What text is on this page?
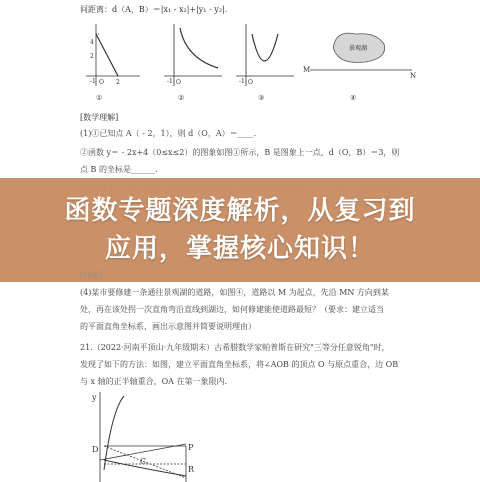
间距离：d（A，B）＝|x₁ - x₂|+|y₁ - y₂|.
4
2
-1 O 2	-1 O	-1 O
景观湖
M
N
①	②	③	④
[数学理解]
(1)①已知点 A（ - 2，1），则 d（O，A）＝____.
②函数 y＝ - 2x+4（0≤x≤2）的图象如图①所示，B 是图象上一点，d（O，B）＝3，则
点 B 的坐标是______.
函数专题深度解析，从复习到
应用，掌握核心知识！
[问题]
(4)某市要修建一条通往景观湖的道路，如图④，道路以 M 为起点，先沿 MN 方向到某
处，再在该处拐一次直角弯沿直线到湖边，如何修建能使道路最短？（要求：建立适当
的平面直角坐标系，画出示意图并简要说明理由）
21.（2022·河南平顶山·九年级期末）古希腊数学家帕普斯在研究"三等分任意锐角"时，
发现了如下的方法：如图，建立平面直角坐标系，将∠AOB 的顶点 O 与原点重合，边 OB
与 x 轴的正半轴重合，OA 在第一象限内.
y
D
C
P
R
